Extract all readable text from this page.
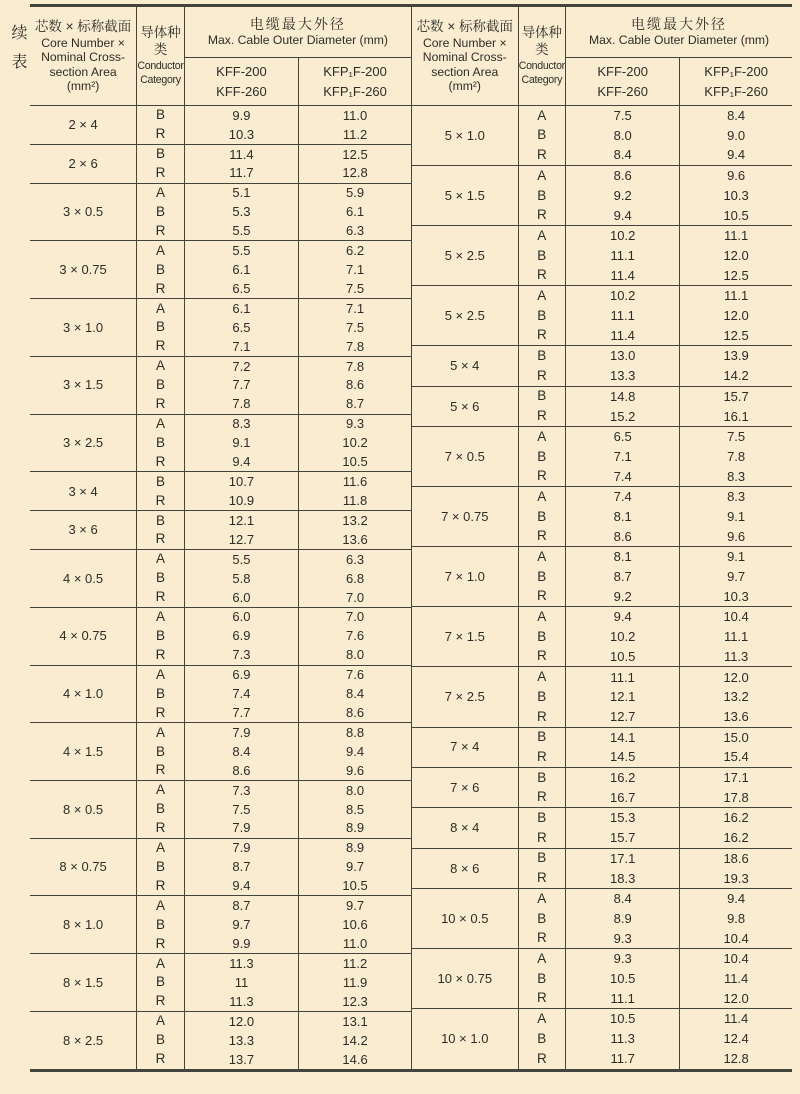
续表 芯数 × 标称截面
Core Number ×
Nominal Cross-
section Area
(mm²)	导体种类
Conductor
Category	电缆最大外径
Max. Cable Outer Diameter (mm)	

		KFF-200
KFF-260	KFP₁F-200
KFP₁F-260

2 × 4	B	9.9	11.0
	R	10.3	11.2
2 × 6	B	11.4	12.5
	R	11.7	12.8
3 × 0.5	A	5.1	5.9
	B	5.3	6.1
	R	5.5	6.3
3 × 0.75	A	5.5	6.2
	B	6.1	7.1
	R	6.5	7.5
3 × 1.0	A	6.1	7.1
	B	6.5	7.5
	R	7.1	7.8
3 × 1.5	A	7.2	7.8
	B	7.7	8.6
	R	7.8	8.7
3 × 2.5	A	8.3	9.3
	B	9.1	10.2
	R	9.4	10.5
3 × 4	B	10.7	11.6
	R	10.9	11.8
3 × 6	B	12.1	13.2
	R	12.7	13.6
4 × 0.5	A	5.5	6.3
	B	5.8	6.8
	R	6.0	7.0
4 × 0.75	A	6.0	7.0
	B	6.9	7.6
	R	7.3	8.0
4 × 1.0	A	6.9	7.6
	B	7.4	8.4
	R	7.7	8.6
4 × 1.5	A	7.9	8.8
	B	8.4	9.4
	R	8.6	9.6
8 × 0.5	A	7.3	8.0
	B	7.5	8.5
	R	7.9	8.9
8 × 0.75	A	7.9	8.9
	B	8.7	9.7
	R	9.4	10.5
8 × 1.0	A	8.7	9.7
	B	9.7	10.6
	R	9.9	11.0
8 × 1.5	A	11.3	11.2
	B	11	11.9
	R	11.3	12.3
8 × 2.5	A	12.0	13.1
	B	13.3	14.2
	R	13.7	14.6
芯数 × 标称截面
Core Number ×
Nominal Cross-
section Area
(mm²)	导体种类
Conductor
Category	电缆最大外径
Max. Cable Outer Diameter (mm)	

		KFF-200
KFF-260	KFP₁F-200
KFP₁F-260

5 × 1.0	A	7.5	8.4
	B	8.0	9.0
	R	8.4	9.4
5 × 1.5	A	8.6	9.6
	B	9.2	10.3
	R	9.4	10.5
5 × 2.5	A	10.2	11.1
	B	11.1	12.0
	R	11.4	12.5
5 × 2.5	A	10.2	11.1
	B	11.1	12.0
	R	11.4	12.5
5 × 4	B	13.0	13.9
	R	13.3	14.2
5 × 6	B	14.8	15.7
	R	15.2	16.1
7 × 0.5	A	6.5	7.5
	B	7.1	7.8
	R	7.4	8.3
7 × 0.75	A	7.4	8.3
	B	8.1	9.1
	R	8.6	9.6
7 × 1.0	A	8.1	9.1
	B	8.7	9.7
	R	9.2	10.3
7 × 1.5	A	9.4	10.4
	B	10.2	11.1
	R	10.5	11.3
7 × 2.5	A	11.1	12.0
	B	12.1	13.2
	R	12.7	13.6
7 × 4	B	14.1	15.0
	R	14.5	15.4
7 × 6	B	16.2	17.1
	R	16.7	17.8
8 × 4	B	15.3	16.2
	R	15.7	16.2
8 × 6	B	17.1	18.6
	R	18.3	19.3
10 × 0.5	A	8.4	9.4
	B	8.9	9.8
	R	9.3	10.4
10 × 0.75	A	9.3	10.4
	B	10.5	11.4
	R	11.1	12.0
10 × 1.0	A	10.5	11.4
	B	11.3	12.4
	R	11.7	12.8
